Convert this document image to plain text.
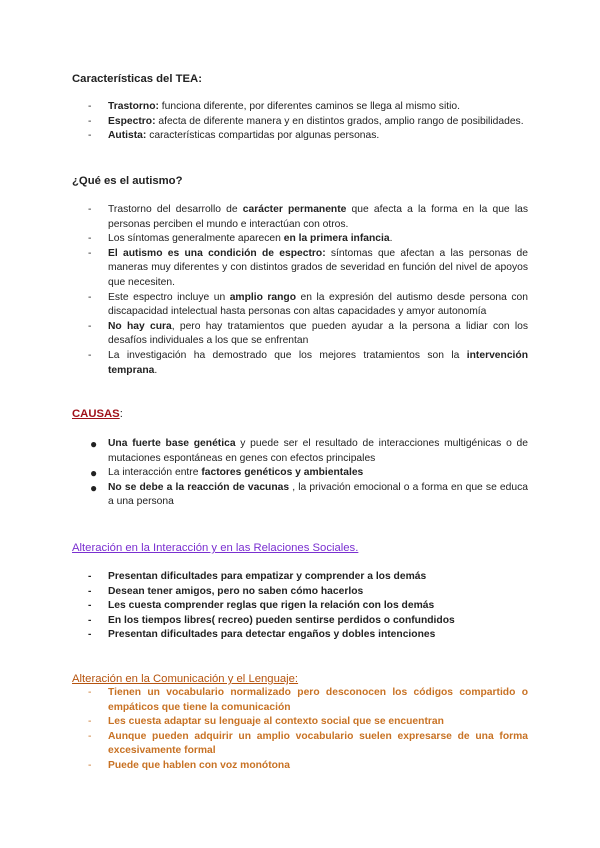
Características del TEA:
- Trastorno: funciona diferente, por diferentes caminos se llega al mismo sitio.
- Espectro: afecta de diferente manera y en distintos grados, amplio rango de posibilidades.
- Autista: características compartidas por algunas personas.
¿Qué es el autismo?
- Trastorno del desarrollo de carácter permanente que afecta a la forma en la que las personas perciben el mundo e interactúan con otros.
- Los síntomas generalmente aparecen en la primera infancia.
- El autismo es una condición de espectro: síntomas que afectan a las personas de maneras muy diferentes y con distintos grados de severidad en función del nivel de apoyos que necesiten.
- Este espectro incluye un amplio rango en la expresión del autismo desde persona con discapacidad intelectual hasta personas con altas capacidades y amyor autonomía
- No hay cura, pero hay tratamientos que pueden ayudar a la persona a lidiar con los desafíos individuales a los que se enfrentan
- La investigación ha demostrado que los mejores tratamientos son la intervención temprana.
CAUSAS:
● Una fuerte base genética y puede ser el resultado de interacciones multigénicas o de mutaciones espontáneas en genes con efectos principales
● La interacción entre factores genéticos y ambientales
● No se debe a la reacción de vacunas , la privación emocional o a forma en que se educa a una persona
Alteración en la Interacción y en las Relaciones Sociales.
- Presentan dificultades para empatizar y comprender a los demás
- Desean tener amigos, pero no saben cómo hacerlos
- Les cuesta comprender reglas que rigen la relación con los demás
- En los tiempos libres( recreo) pueden sentirse perdidos o confundidos
- Presentan dificultades para detectar engaños y dobles intenciones
Alteración en la Comunicación y el Lenguaje:
- Tienen un vocabulario normalizado pero desconocen los códigos compartido o empáticos que tiene la comunicación
- Les cuesta adaptar su lenguaje al contexto social que se encuentran
- Aunque pueden adquirir un amplio vocabulario suelen expresarse de una forma excesivamente formal
- Puede que hablen con voz monótona
